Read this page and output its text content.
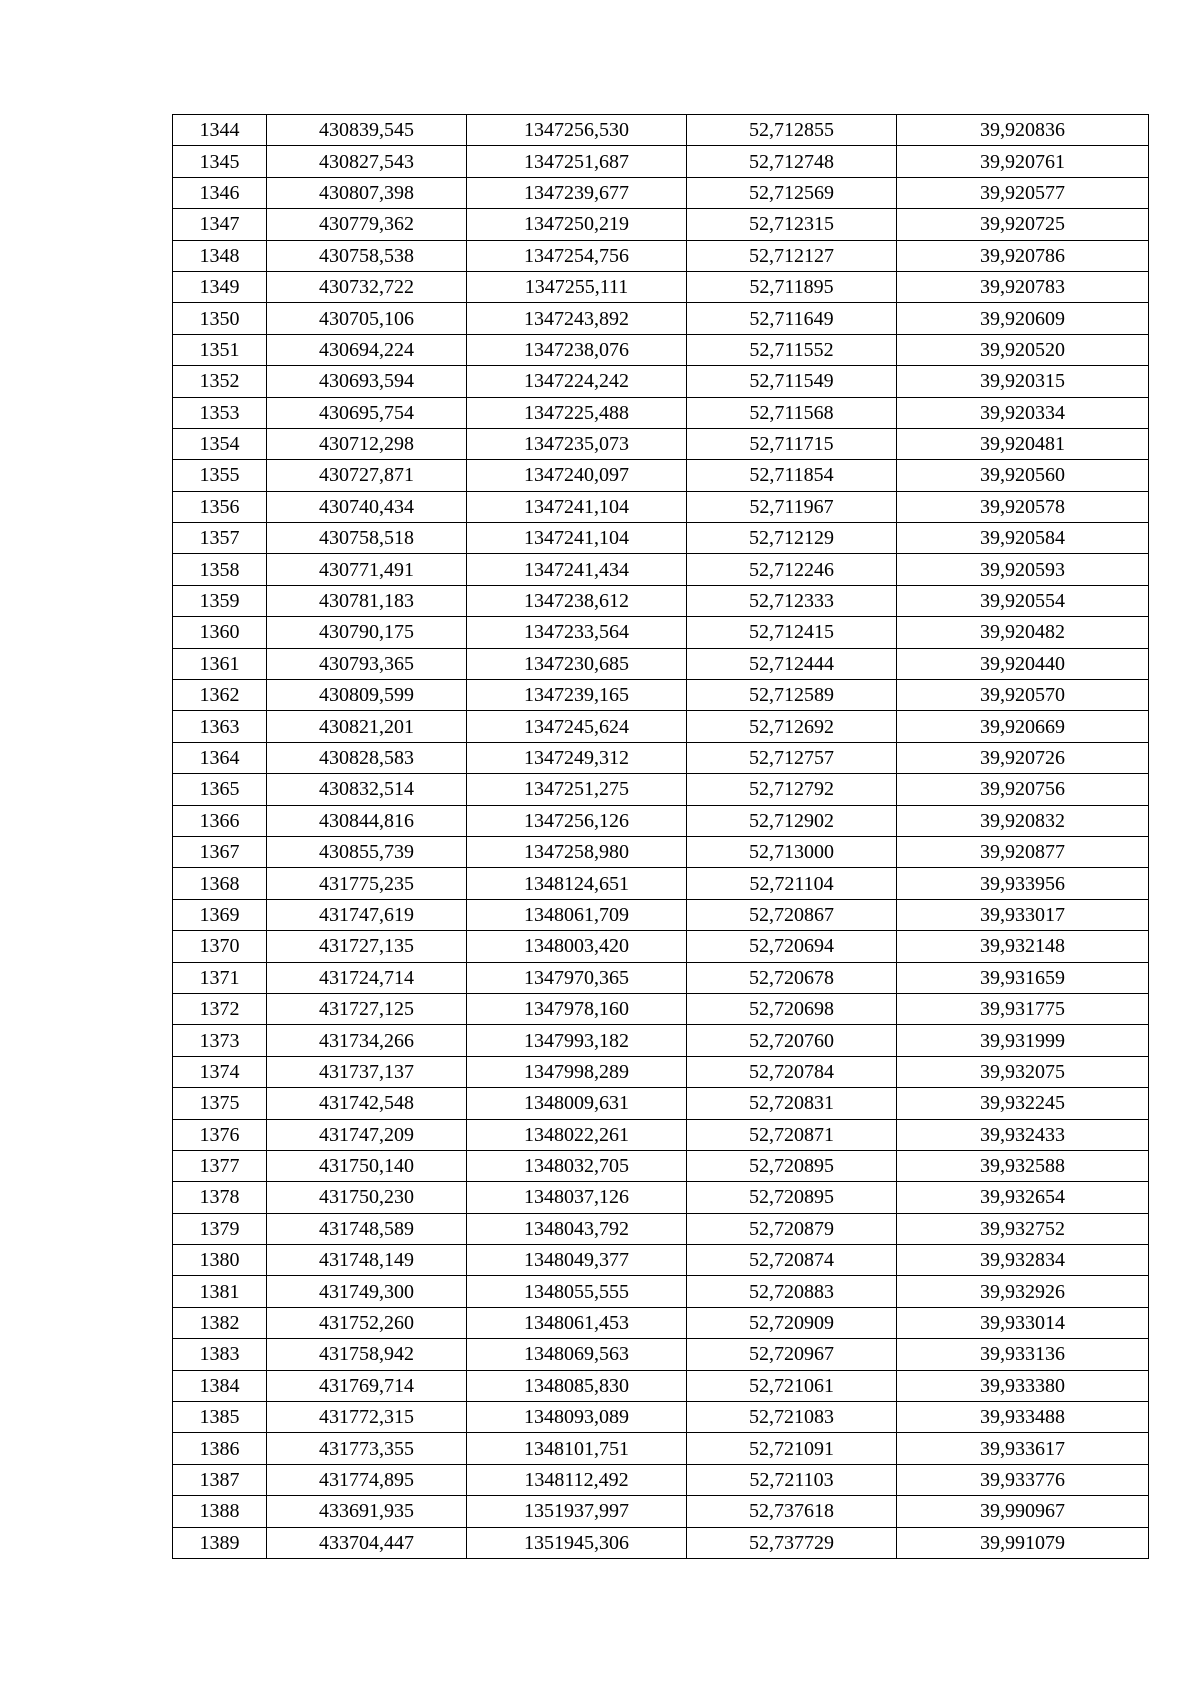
1344	430839,545	1347256,530	52,712855	39,920836
1345	430827,543	1347251,687	52,712748	39,920761
1346	430807,398	1347239,677	52,712569	39,920577
1347	430779,362	1347250,219	52,712315	39,920725
1348	430758,538	1347254,756	52,712127	39,920786
1349	430732,722	1347255,111	52,711895	39,920783
1350	430705,106	1347243,892	52,711649	39,920609
1351	430694,224	1347238,076	52,711552	39,920520
1352	430693,594	1347224,242	52,711549	39,920315
1353	430695,754	1347225,488	52,711568	39,920334
1354	430712,298	1347235,073	52,711715	39,920481
1355	430727,871	1347240,097	52,711854	39,920560
1356	430740,434	1347241,104	52,711967	39,920578
1357	430758,518	1347241,104	52,712129	39,920584
1358	430771,491	1347241,434	52,712246	39,920593
1359	430781,183	1347238,612	52,712333	39,920554
1360	430790,175	1347233,564	52,712415	39,920482
1361	430793,365	1347230,685	52,712444	39,920440
1362	430809,599	1347239,165	52,712589	39,920570
1363	430821,201	1347245,624	52,712692	39,920669
1364	430828,583	1347249,312	52,712757	39,920726
1365	430832,514	1347251,275	52,712792	39,920756
1366	430844,816	1347256,126	52,712902	39,920832
1367	430855,739	1347258,980	52,713000	39,920877
1368	431775,235	1348124,651	52,721104	39,933956
1369	431747,619	1348061,709	52,720867	39,933017
1370	431727,135	1348003,420	52,720694	39,932148
1371	431724,714	1347970,365	52,720678	39,931659
1372	431727,125	1347978,160	52,720698	39,931775
1373	431734,266	1347993,182	52,720760	39,931999
1374	431737,137	1347998,289	52,720784	39,932075
1375	431742,548	1348009,631	52,720831	39,932245
1376	431747,209	1348022,261	52,720871	39,932433
1377	431750,140	1348032,705	52,720895	39,932588
1378	431750,230	1348037,126	52,720895	39,932654
1379	431748,589	1348043,792	52,720879	39,932752
1380	431748,149	1348049,377	52,720874	39,932834
1381	431749,300	1348055,555	52,720883	39,932926
1382	431752,260	1348061,453	52,720909	39,933014
1383	431758,942	1348069,563	52,720967	39,933136
1384	431769,714	1348085,830	52,721061	39,933380
1385	431772,315	1348093,089	52,721083	39,933488
1386	431773,355	1348101,751	52,721091	39,933617
1387	431774,895	1348112,492	52,721103	39,933776
1388	433691,935	1351937,997	52,737618	39,990967
1389	433704,447	1351945,306	52,737729	39,991079
